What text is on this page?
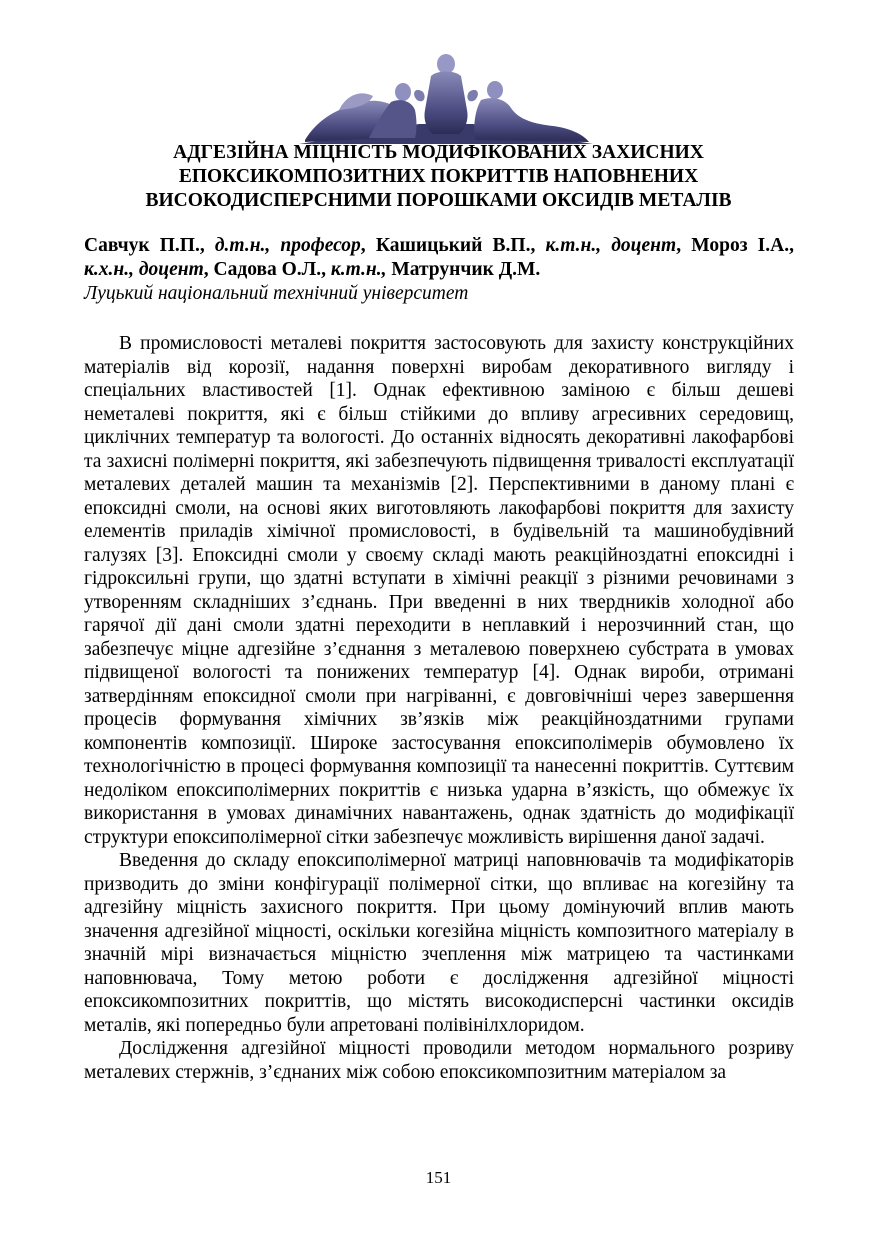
АДГЕЗІЙНА МІЦНІСТЬ МОДИФІКОВАНИХ ЗАХИСНИХ
ЕПОКСИКОМПОЗИТНИХ ПОКРИТТІВ НАПОВНЕНИХ
ВИСОКОДИСПЕРСНИМИ ПОРОШКАМИ ОКСИДІВ МЕТАЛІВ
Савчук П.П., д.т.н., професор, Кашицький В.П., к.т.н., доцент, Мороз І.А.,
к.х.н., доцент, Садова О.Л., к.т.н., Матрунчик Д.М.
Луцький національний технічний університет

В промисловості металеві покриття застосовують для захисту конструкційних матеріалів від корозії, надання поверхні виробам декоративного вигляду і спеціальних властивостей [1]. Однак ефективною заміною є більш дешеві неметалеві покриття, які є більш стійкими до впливу агресивних середовищ, циклічних температур та вологості. До останніх відносять декоративні лакофарбові та захисні полімерні покриття, які забезпечують підвищення тривалості експлуатації металевих деталей машин та механізмів [2]. Перспективними в даному плані є епоксидні смоли, на основі яких виготовляють лакофарбові покриття для захисту елементів приладів хімічної промисловості, в будівельній та машинобудівний галузях [3]. Епоксидні смоли у своєму складі мають реакційноздатні епоксидні і гідроксильні групи, що здатні вступати в хімічні реакції з різними речовинами з утворенням складніших з’єднань. При введенні в них твердників холодної або гарячої дії дані смоли здатні переходити в неплавкий і нерозчинний стан, що забезпечує міцне адгезійне з’єднання з металевою поверхнею субстрата в умовах підвищеної вологості та понижених температур [4]. Однак вироби, отримані затвердінням епоксидної смоли при нагріванні, є довговічніші через завершення процесів формування хімічних зв’язків між реакційноздатними групами компонентів композиції. Широке застосування епоксиполімерів обумовлено їх технологічністю в процесі формування композиції та нанесенні покриттів. Суттєвим недоліком епоксиполімерних покриттів є низька ударна в’язкість, що обмежує їх використання в умовах динамічних навантажень, однак здатність до модифікації структури епоксиполімерної сітки забезпечує можливість вирішення даної задачі.

Введення до складу епоксиполімерної матриці наповнювачів та модифікаторів призводить до зміни конфігурації полімерної сітки, що впливає на когезійну та адгезійну міцність захисного покриття. При цьому домінуючий вплив мають значення адгезійної міцності, оскільки когезійна міцність композитного матеріалу в значній мірі визначається міцністю зчеплення між матрицею та частинками наповнювача, Тому метою роботи є дослідження адгезійної міцності епоксикомпозитних покриттів, що містять високодисперсні частинки оксидів металів, які попередньо були апретовані полівінілхлоридом.

Дослідження адгезійної міцності проводили методом нормального розриву металевих стержнів, з’єднаних між собою епоксикомпозитним матеріалом за

151
